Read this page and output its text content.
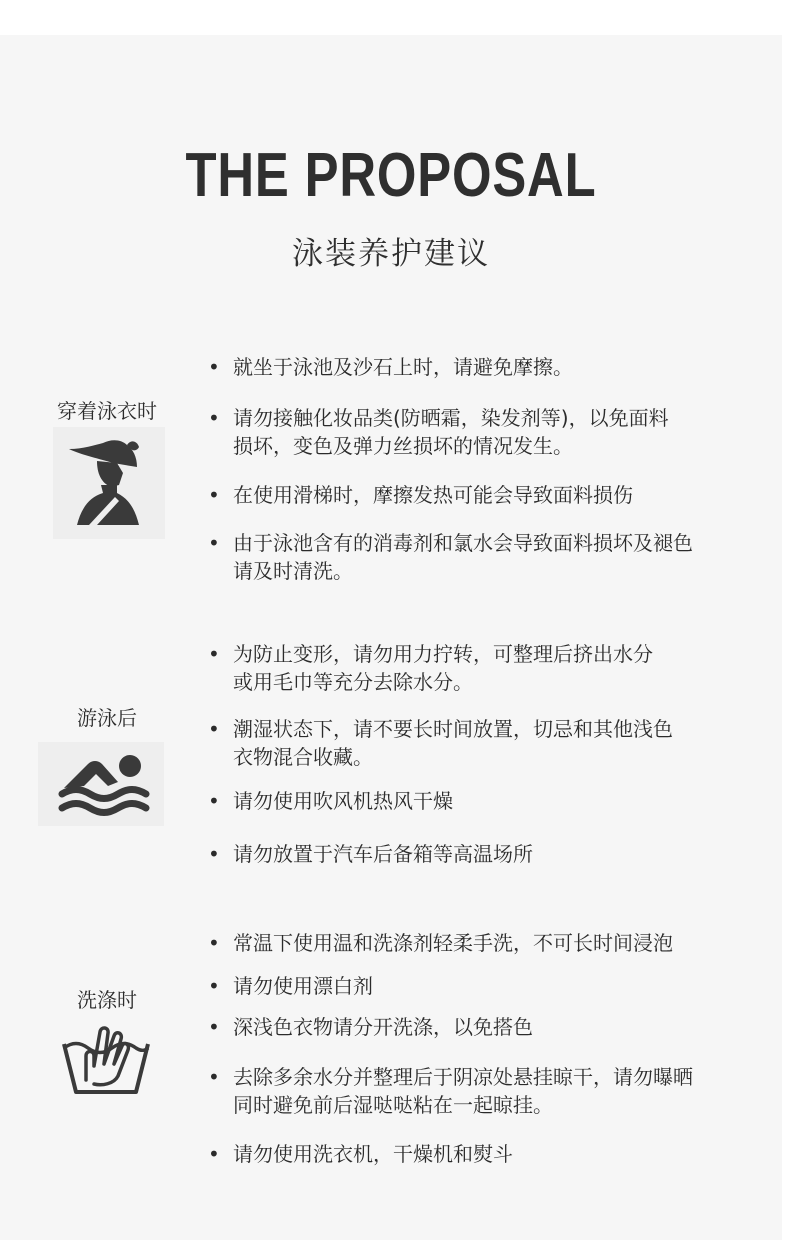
THE PROPOSAL
泳装养护建议
穿着泳衣时
• 就坐于泳池及沙石上时，请避免摩擦。
• 请勿接触化妆品类(防晒霜，染发剂等)，以免面料
损坏，变色及弹力丝损坏的情况发生。
• 在使用滑梯时，摩擦发热可能会导致面料损伤
• 由于泳池含有的消毒剂和氯水会导致面料损坏及褪色
请及时清洗。
游泳后
• 为防止变形，请勿用力拧转，可整理后挤出水分
或用毛巾等充分去除水分。
• 潮湿状态下，请不要长时间放置，切忌和其他浅色
衣物混合收藏。
• 请勿使用吹风机热风干燥
• 请勿放置于汽车后备箱等高温场所
洗涤时
• 常温下使用温和洗涤剂轻柔手洗，不可长时间浸泡
• 请勿使用漂白剂
• 深浅色衣物请分开洗涤，以免搭色
• 去除多余水分并整理后于阴凉处悬挂晾干，请勿曝晒
同时避免前后湿哒哒粘在一起晾挂。
• 请勿使用洗衣机，干燥机和熨斗
